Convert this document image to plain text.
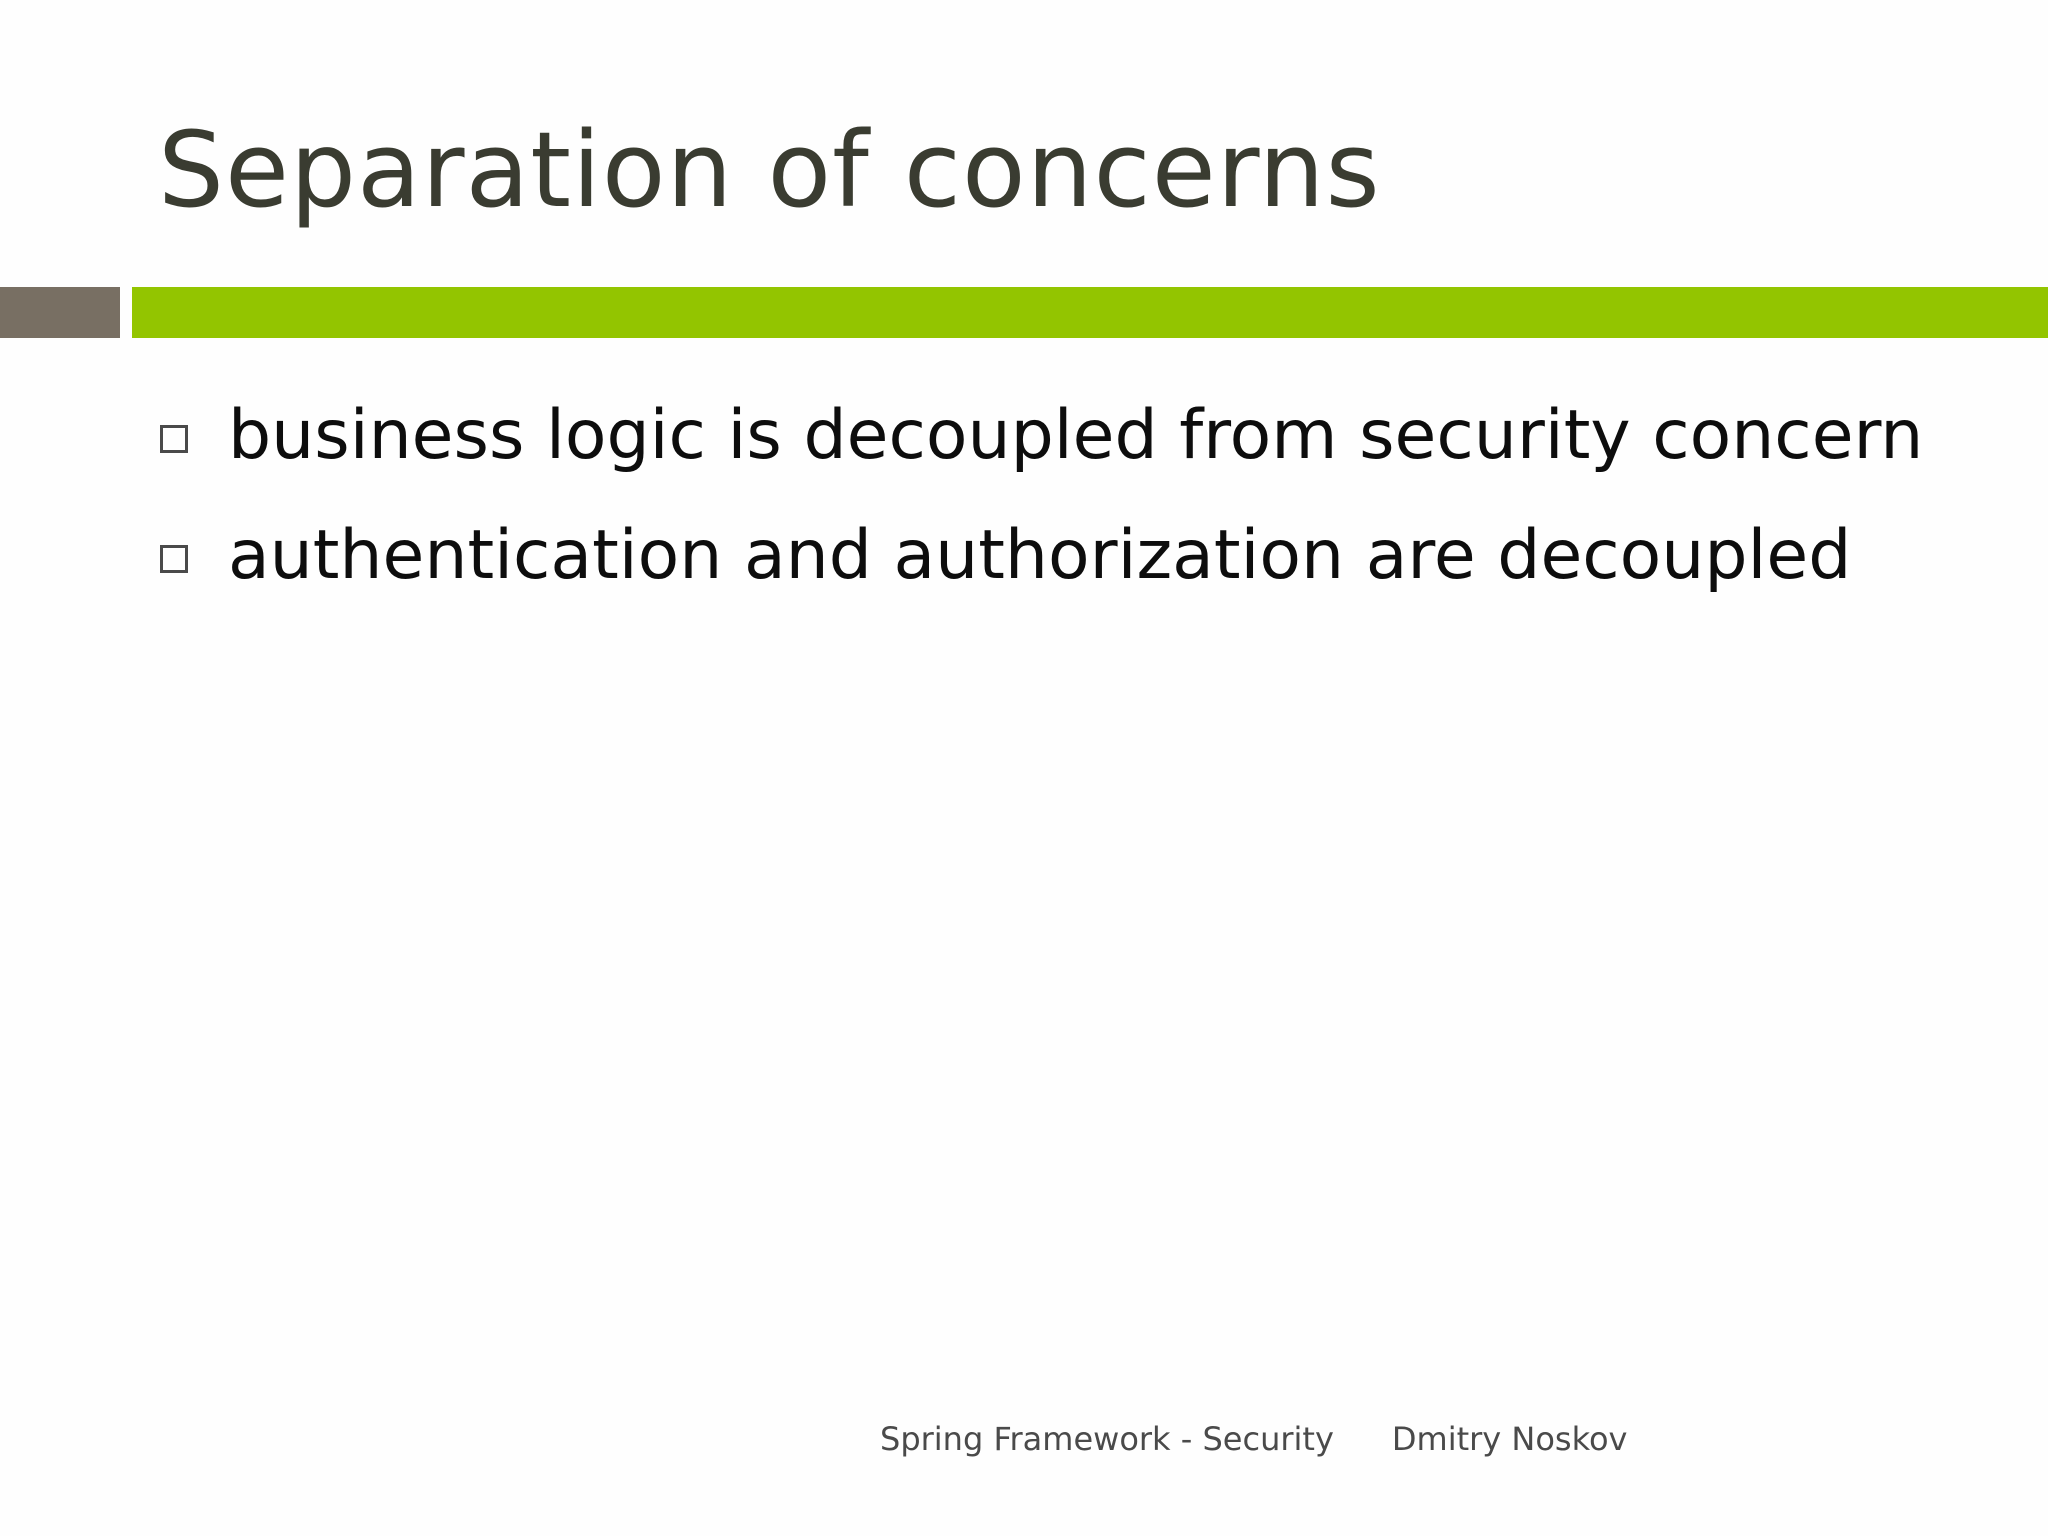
Separation of concerns
business logic is decoupled from security concern
authentication and authorization are decoupled
Spring Framework - Security Dmitry Noskov
